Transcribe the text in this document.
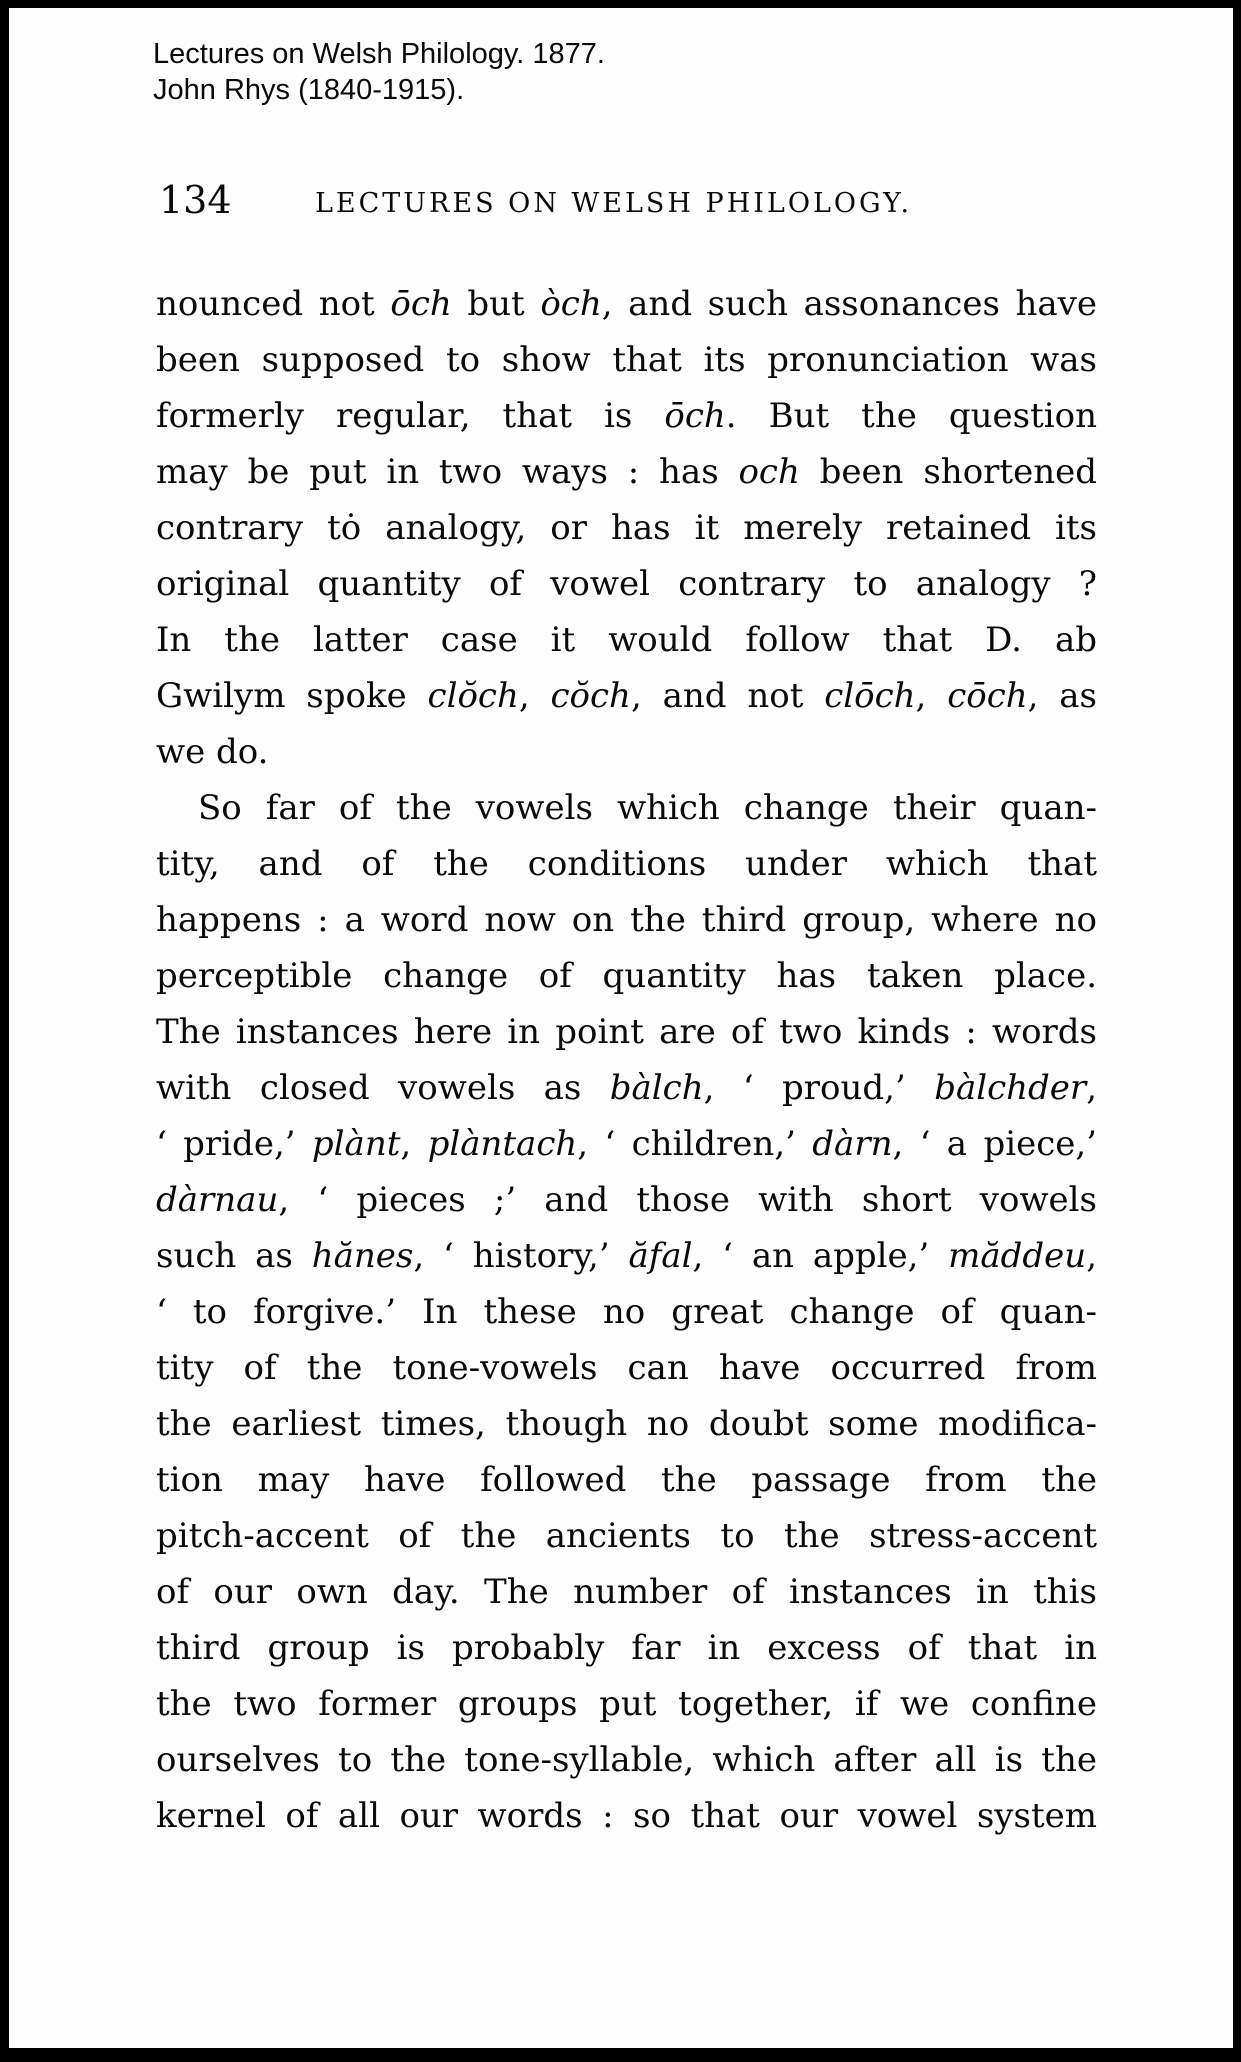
Lectures on Welsh Philology. 1877.
John Rhys (1840-1915).
134	LECTURES ON WELSH PHILOLOGY.
nounced not ōch but òch, and such assonances have
been supposed to show that its pronunciation was
formerly regular, that is ōch. But the question
may be put in two ways : has och been shortened
contrary tȯ analogy, or has it merely retained its
original quantity of vowel contrary to analogy ?
In the latter case it would follow that D. ab
Gwilym spoke clŏch, cŏch, and not clōch, cōch, as
we do.
So far of the vowels which change their quan-
tity, and of the conditions under which that
happens : a word now on the third group, where no
perceptible change of quantity has taken place.
The instances here in point are of two kinds : words
with closed vowels as bàlch, ‘ proud,’ bàlchder,
‘ pride,’ plànt, plàntach, ‘ children,’ dàrn, ‘ a piece,’
dàrnau, ‘ pieces ;’ and those with short vowels
such as hănes, ‘ history,’ ăfal, ‘ an apple,’ măddeu,
‘ to forgive.’ In these no great change of quan-
tity of the tone-vowels can have occurred from
the earliest times, though no doubt some modifica-
tion may have followed the passage from the
pitch-accent of the ancients to the stress-accent
of our own day. The number of instances in this
third group is probably far in excess of that in
the two former groups put together, if we confine
ourselves to the tone-syllable, which after all is the
kernel of all our words : so that our vowel system
